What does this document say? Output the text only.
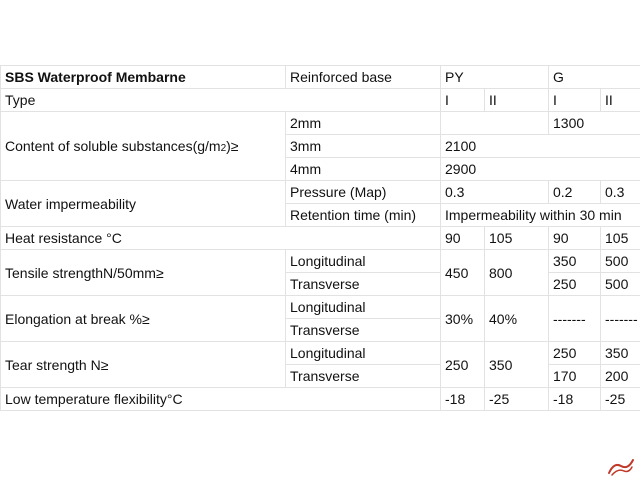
SBS Waterproof Membarne	Reinforced base	PY		G	
Type		I	II	I	II
Content of soluble substances(g/m2)≥	2mm			1300	
	3mm	2100			
	4mm	2900			
Water impermeability	Pressure (Map)	0.3		0.2	0.3
	Retention time (min)	Impermeability within 30 min			
Heat resistance °C		90	105	90	105
Tensile strengthN/50mm≥	Longitudinal	450	800	350	500
	Transverse			250	500
Elongation at break %≥	Longitudinal	30%	40%	-------	-------
	Transverse				
Tear strength N≥	Longitudinal	250	350	250	350
	Transverse			170	200
Low temperature flexibility°C		-18	-25	-18	-25
